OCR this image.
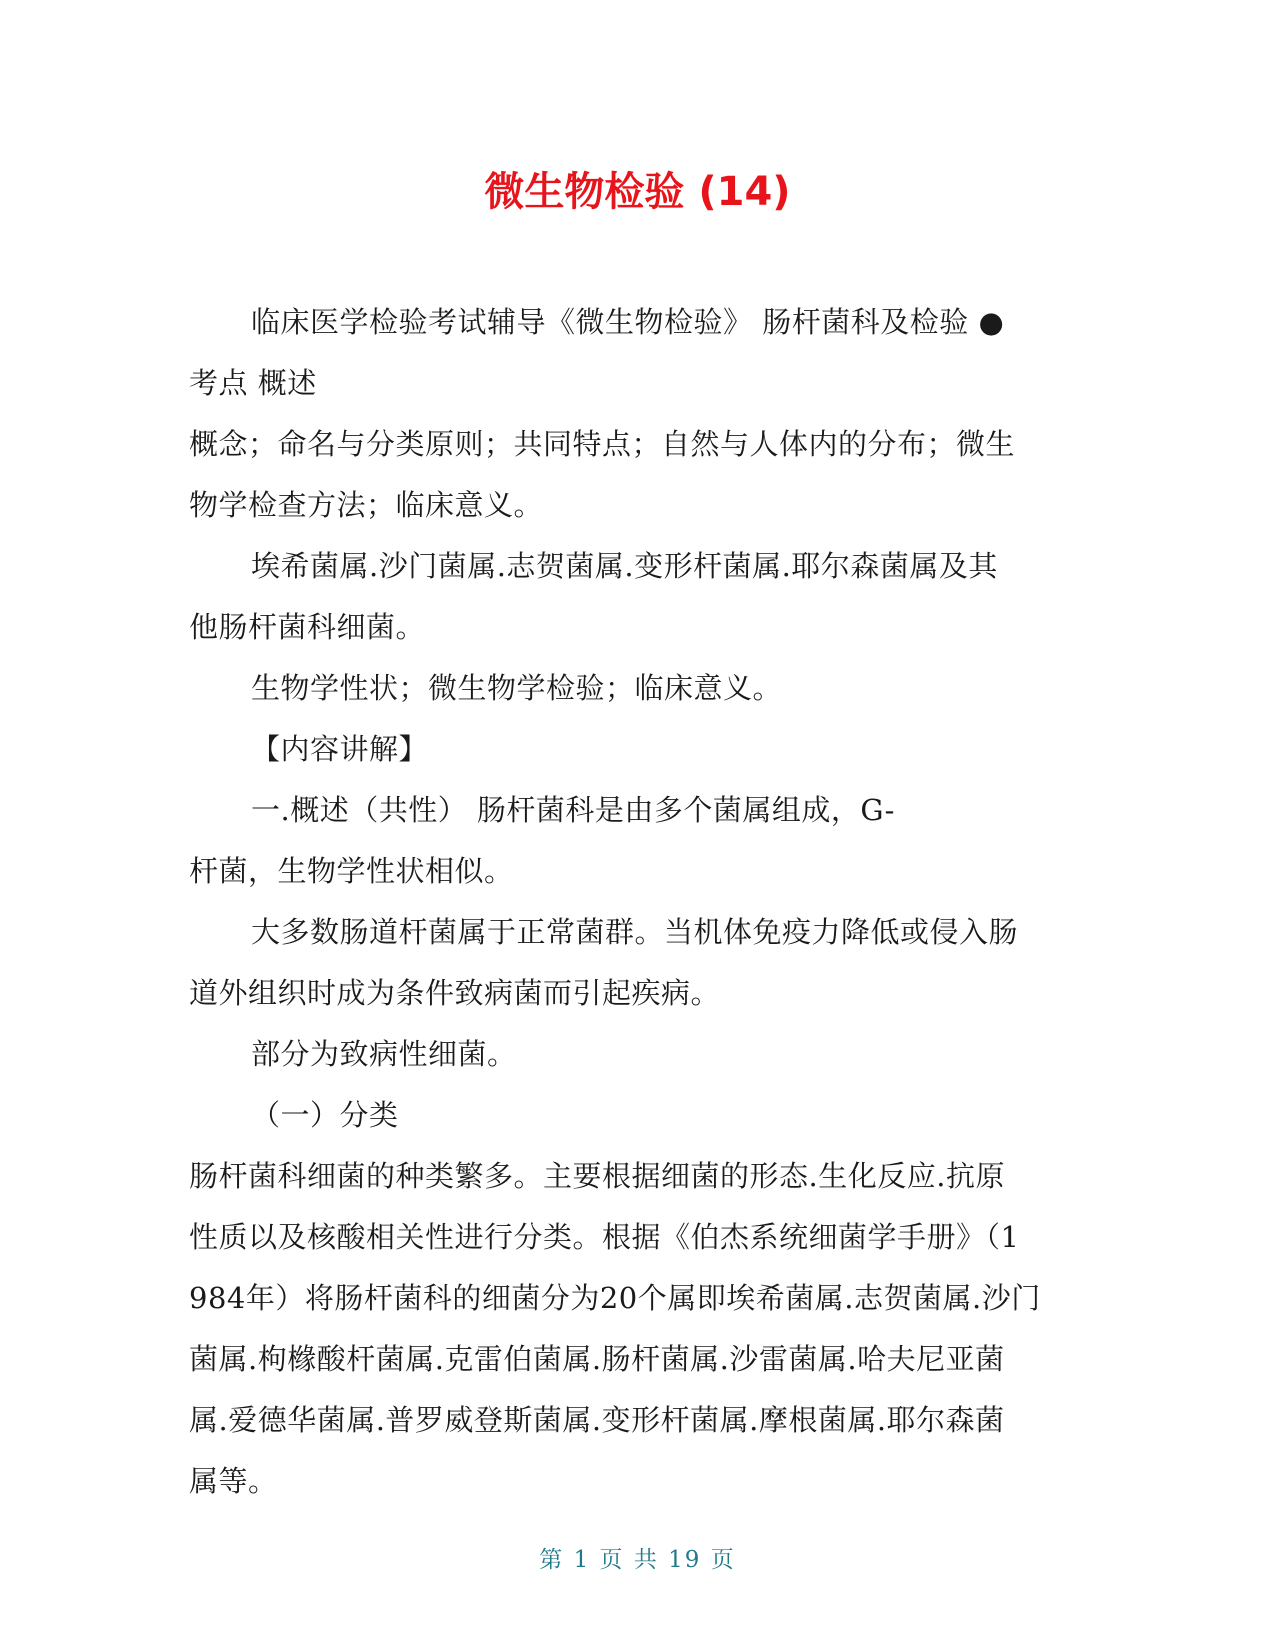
微生物检验 (14)
临床医学检验考试辅导《微生物检验》 肠杆菌科及检验 ●
考点 概述
概念；命名与分类原则；共同特点；自然与人体内的分布；微生
物学检查方法；临床意义。
埃希菌属.沙门菌属.志贺菌属.变形杆菌属.耶尔森菌属及其
他肠杆菌科细菌。
生物学性状；微生物学检验；临床意义。
【内容讲解】
一.概述（共性） 肠杆菌科是由多个菌属组成，G-
杆菌，生物学性状相似。
大多数肠道杆菌属于正常菌群。当机体免疫力降低或侵入肠
道外组织时成为条件致病菌而引起疾病。
部分为致病性细菌。
（一）分类
肠杆菌科细菌的种类繁多。主要根据细菌的形态.生化反应.抗原
性质以及核酸相关性进行分类。根据《伯杰系统细菌学手册》（1
984年）将肠杆菌科的细菌分为20个属即埃希菌属.志贺菌属.沙门
菌属.枸橼酸杆菌属.克雷伯菌属.肠杆菌属.沙雷菌属.哈夫尼亚菌
属.爱德华菌属.普罗威登斯菌属.变形杆菌属.摩根菌属.耶尔森菌
属等。
第 1 页 共 19 页
